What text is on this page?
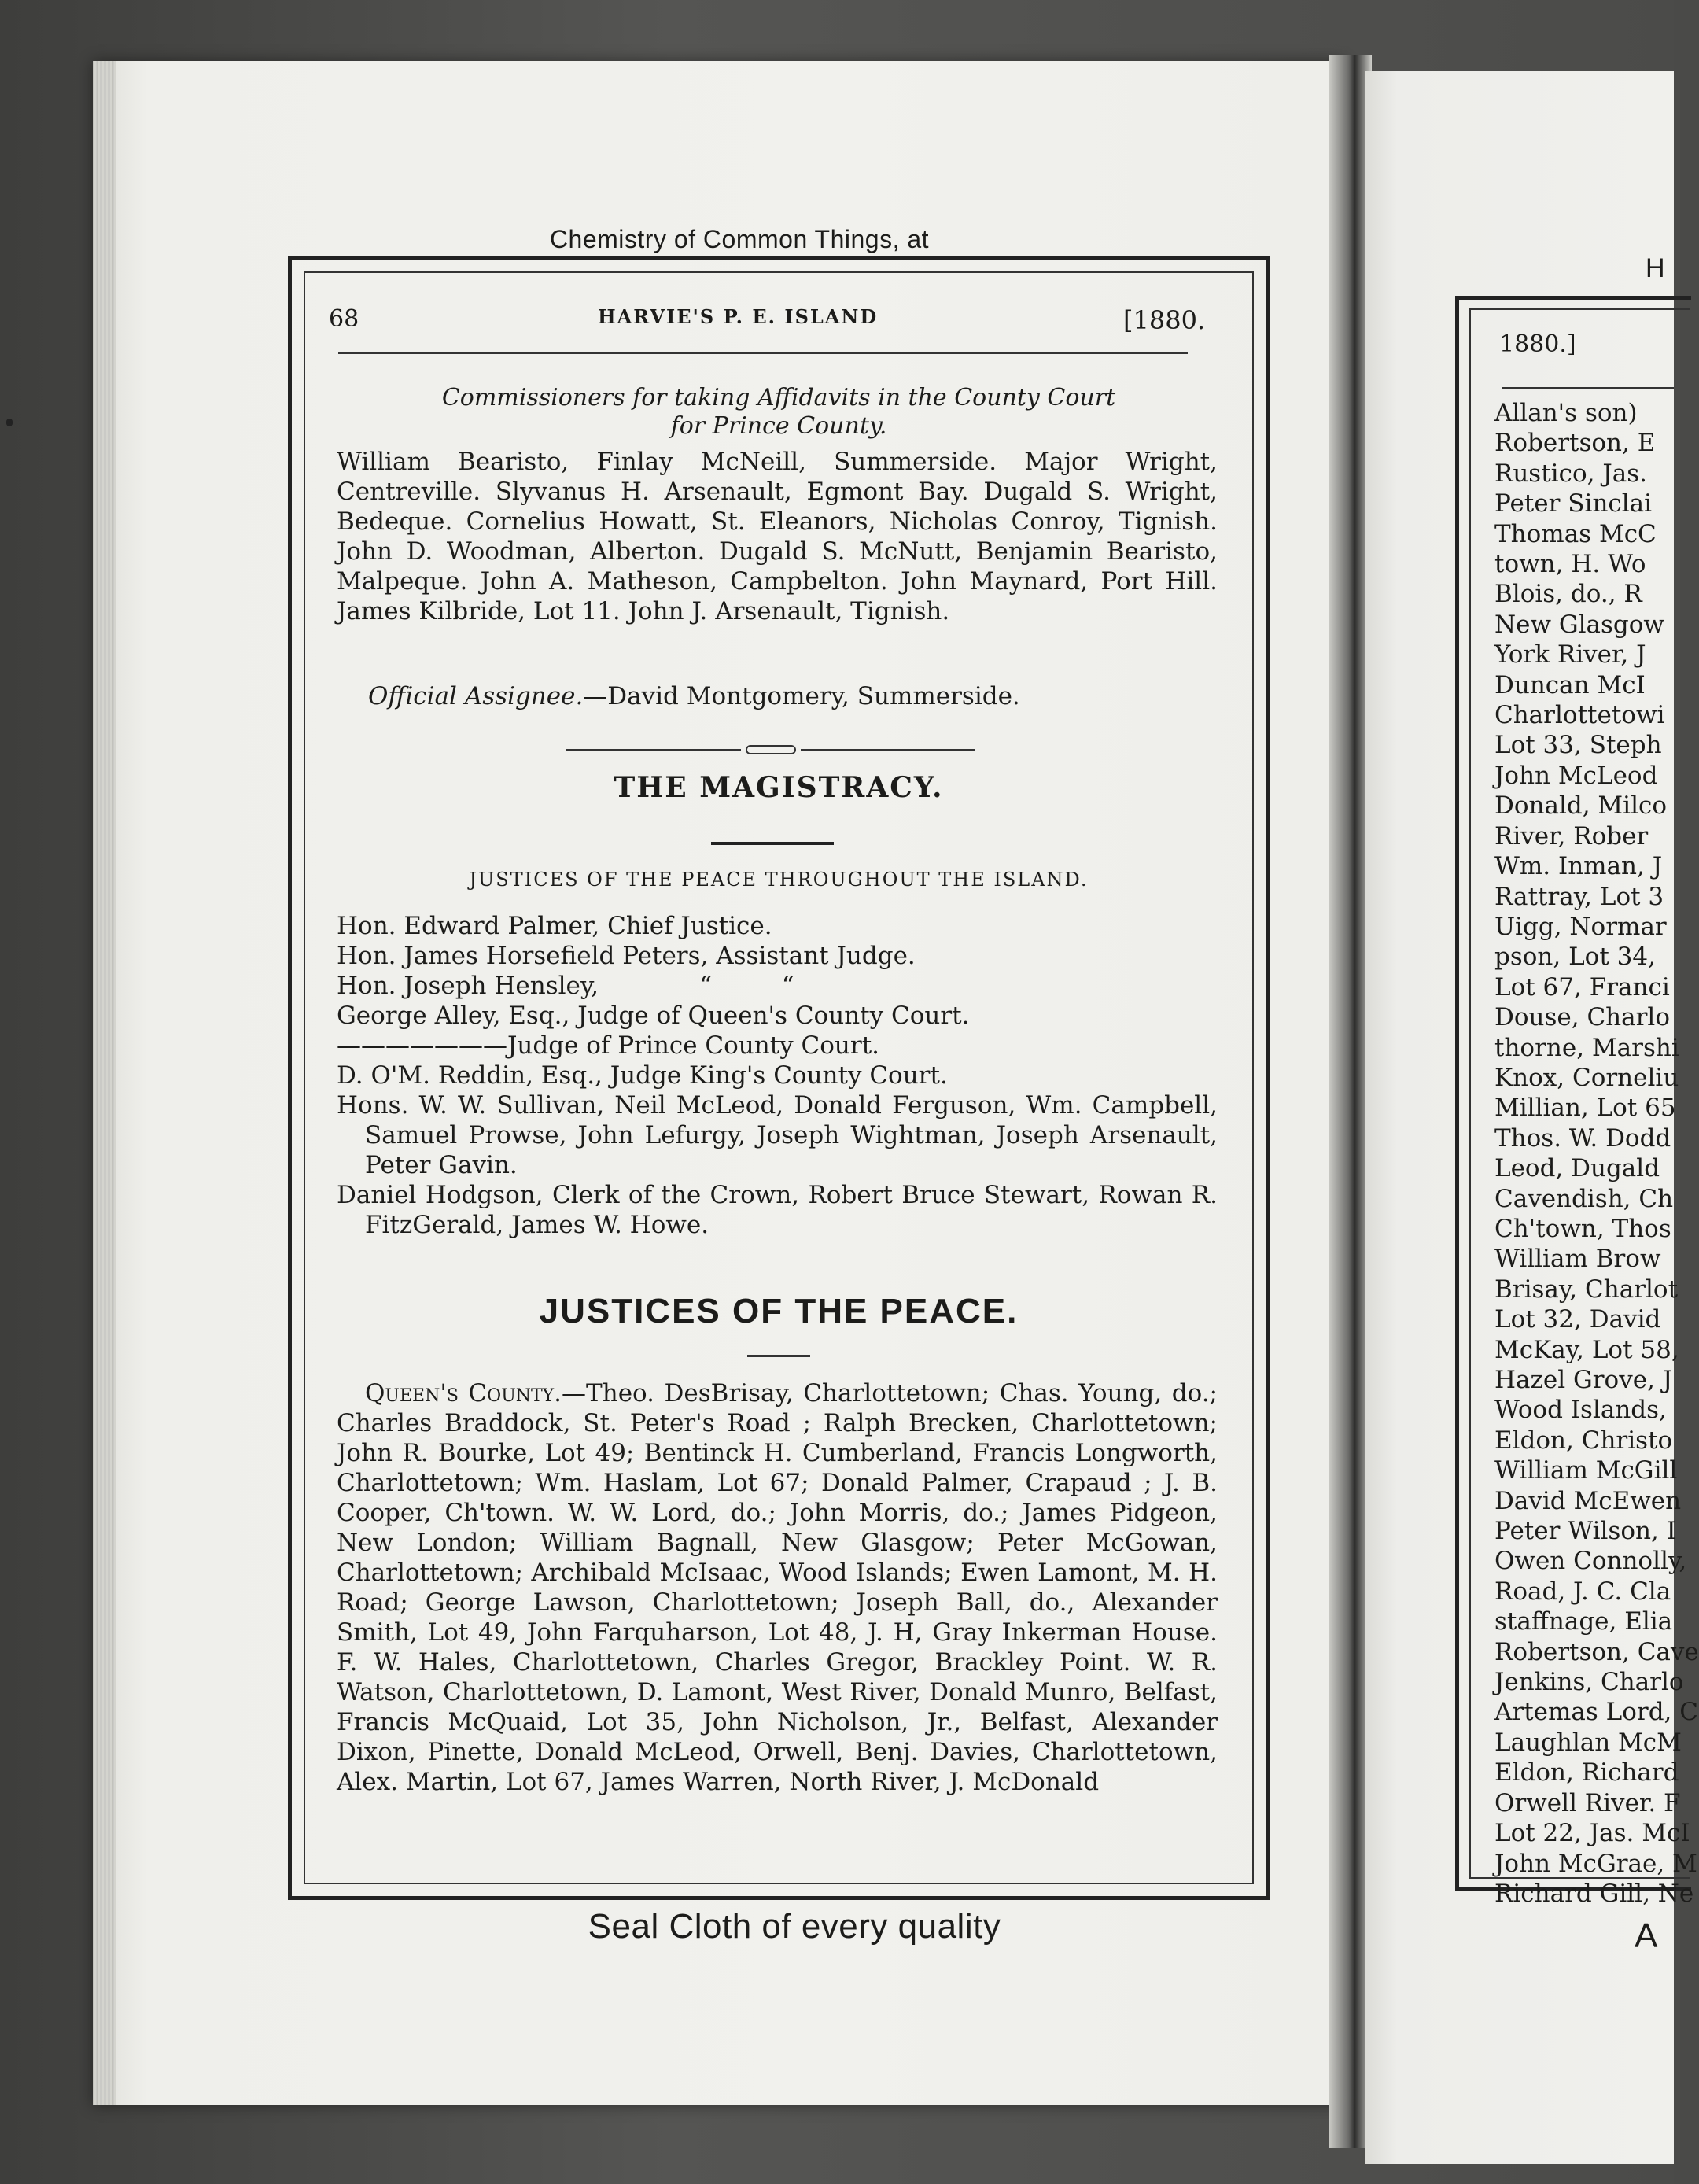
Chemistry of Common Things, at
68	HARVIE'S P. E. ISLAND	[1880.
Commissioners for taking Affidavits in the County Court
for Prince County.

William Bearisto, Finlay McNeill, Summerside. Major Wright, Centreville. Slyvanus H. Arsenault, Egmont Bay. Dugald S. Wright, Bedeque. Cornelius Howatt, St. Eleanors, Nicholas Conroy, Tignish. John D. Woodman, Alberton. Dugald S. McNutt, Benjamin Bearisto, Malpeque. John A. Matheson, Campbelton. John Maynard, Port Hill. James Kilbride, Lot 11. John J. Arsenault, Tignish.

Official Assignee.—David Montgomery, Summerside.

THE MAGISTRACY.
JUSTICES OF THE PEACE THROUGHOUT THE ISLAND.

Hon. Edward Palmer, Chief Justice.

Hon. James Horsefield Peters, Assistant Judge.

Hon. Joseph Hensley,             “         “

George Alley, Esq., Judge of Queen's County Court.

———————Judge of Prince County Court.

D. O'M. Reddin, Esq., Judge King's County Court.

Hons. W. W. Sullivan, Neil McLeod, Donald Ferguson, Wm. Campbell, Samuel Prowse, John Lefurgy, Joseph Wightman, Joseph Arsenault, Peter Gavin.

Daniel Hodgson, Clerk of the Crown, Robert Bruce Stewart, Rowan R. FitzGerald, James W. Howe.

JUSTICES OF THE PEACE.

Queen's County.—Theo. DesBrisay, Charlottetown; Chas. Young, do.; Charles Braddock, St. Peter's Road ; Ralph Brecken, Charlottetown; John R. Bourke, Lot 49; Bentinck H. Cumberland, Francis Longworth, Charlottetown; Wm. Haslam, Lot 67; Donald Palmer, Crapaud ; J. B. Cooper, Ch'town. W. W. Lord, do.; John Morris, do.; James Pidgeon, New London; William Bagnall, New Glasgow; Peter McGowan, Charlottetown; Archibald McIsaac, Wood Islands; Ewen Lamont, M. H. Road; George Lawson, Charlottetown; Joseph Ball, do., Alexander Smith, Lot 49, John Farquharson, Lot 48, J. H, Gray Inkerman House. F. W. Hales, Charlottetown, Charles Gregor, Brackley Point. W. R. Watson, Charlottetown, D. Lamont, West River, Donald Munro, Belfast, Francis McQuaid, Lot 35, John Nicholson, Jr., Belfast, Alexander Dixon, Pinette, Donald McLeod, Orwell, Benj. Davies, Charlottetown, Alex. Martin, Lot 67, James Warren, North River, J. McDonald

Seal Cloth of every quality
H
1880.]
Allan's son)
Robertson, E
Rustico, Jas.
Peter Sinclai
Thomas McC
town, H. Wo
Blois, do., R
New Glasgow
York River, J
Duncan McI
Charlottetowi
Lot 33, Steph
John McLeod
Donald, Milco
River, Rober
Wm. Inman, J
Rattray, Lot 3
Uigg, Normar
pson, Lot 34,
Lot 67, Franci
Douse, Charlo
thorne, Marshi
Knox, Corneliu
Millian, Lot 65
Thos. W. Dodd
Leod, Dugald
Cavendish, Ch
Ch'town, Thos
William Brow
Brisay, Charlot
Lot 32, David
McKay, Lot 58,
Hazel Grove, J
Wood Islands,
Eldon, Christo
William McGill
David McEwen
Peter Wilson, I
Owen Connolly,
Road, J. C. Cla
staffnage, Elia
Robertson, Cave
Jenkins, Charlo
Artemas Lord, C
Laughlan McM
Eldon, Richard
Orwell River. F
Lot 22, Jas. McI
John McGrae, M
Richard Gill, Ne
A
